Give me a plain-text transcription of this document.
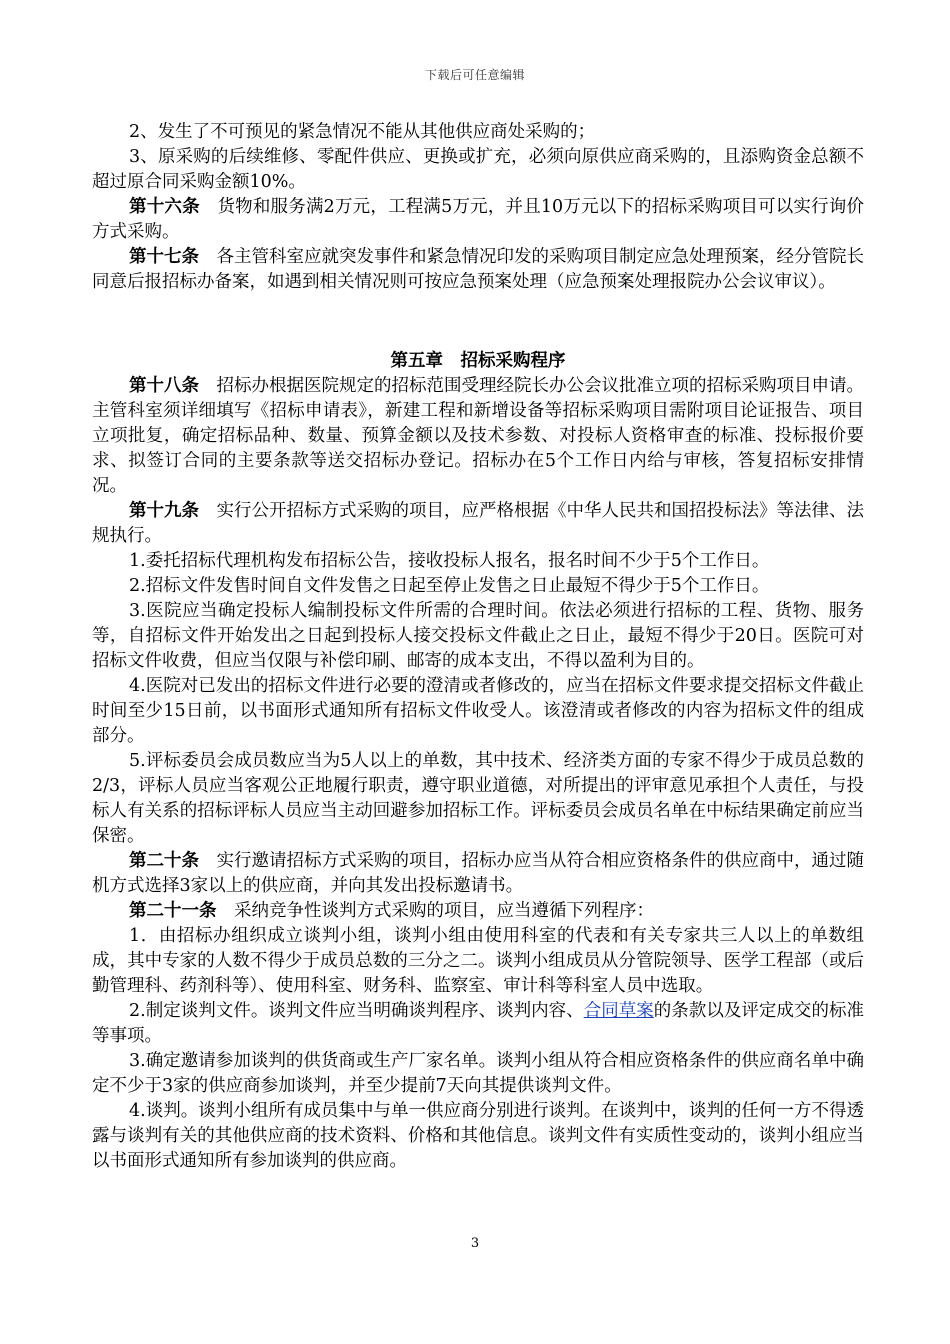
下载后可任意编辑

2、发生了不可预见的紧急情况不能从其他供应商处采购的；

3、原采购的后续维修、零配件供应、更换或扩充，必须向原供应商采购的，且添购资金总额不超过原合同采购金额10%。

第十六条　货物和服务满2万元，工程满5万元，并且10万元以下的招标采购项目可以实行询价方式采购。

第十七条　各主管科室应就突发事件和紧急情况印发的采购项目制定应急处理预案，经分管院长同意后报招标办备案，如遇到相关情况则可按应急预案处理（应急预案处理报院办公会议审议）。

第五章　招标采购程序

第十八条　招标办根据医院规定的招标范围受理经院长办公会议批准立项的招标采购项目申请。主管科室须详细填写《招标申请表》，新建工程和新增设备等招标采购项目需附项目论证报告、项目立项批复，确定招标品种、数量、预算金额以及技术参数、对投标人资格审查的标准、投标报价要求、拟签订合同的主要条款等送交招标办登记。招标办在5个工作日内给与审核，答复招标安排情况。

第十九条　实行公开招标方式采购的项目，应严格根据《中华人民共和国招投标法》等法律、法规执行。

1.委托招标代理机构发布招标公告，接收投标人报名，报名时间不少于5个工作日。

2.招标文件发售时间自文件发售之日起至停止发售之日止最短不得少于5个工作日。

3.医院应当确定投标人编制投标文件所需的合理时间。依法必须进行招标的工程、货物、服务等，自招标文件开始发出之日起到投标人接交投标文件截止之日止，最短不得少于20日。医院可对招标文件收费，但应当仅限与补偿印刷、邮寄的成本支出，不得以盈利为目的。

4.医院对已发出的招标文件进行必要的澄清或者修改的，应当在招标文件要求提交招标文件截止时间至少15日前，以书面形式通知所有招标文件收受人。该澄清或者修改的内容为招标文件的组成部分。

5.评标委员会成员数应当为5人以上的单数，其中技术、经济类方面的专家不得少于成员总数的2/3，评标人员应当客观公正地履行职责，遵守职业道德，对所提出的评审意见承担个人责任，与投标人有关系的招标评标人员应当主动回避参加招标工作。评标委员会成员名单在中标结果确定前应当保密。

第二十条　实行邀请招标方式采购的项目，招标办应当从符合相应资格条件的供应商中，通过随机方式选择3家以上的供应商，并向其发出投标邀请书。

第二十一条　采纳竞争性谈判方式采购的项目，应当遵循下列程序：

1．由招标办组织成立谈判小组，谈判小组由使用科室的代表和有关专家共三人以上的单数组成，其中专家的人数不得少于成员总数的三分之二。谈判小组成员从分管院领导、医学工程部（或后勤管理科、药剂科等）、使用科室、财务科、监察室、审计科等科室人员中选取。

2.制定谈判文件。谈判文件应当明确谈判程序、谈判内容、合同草案的条款以及评定成交的标准等事项。

3.确定邀请参加谈判的供货商或生产厂家名单。谈判小组从符合相应资格条件的供应商名单中确定不少于3家的供应商参加谈判，并至少提前7天向其提供谈判文件。

4.谈判。谈判小组所有成员集中与单一供应商分别进行谈判。在谈判中，谈判的任何一方不得透露与谈判有关的其他供应商的技术资料、价格和其他信息。谈判文件有实质性变动的，谈判小组应当以书面形式通知所有参加谈判的供应商。

3
